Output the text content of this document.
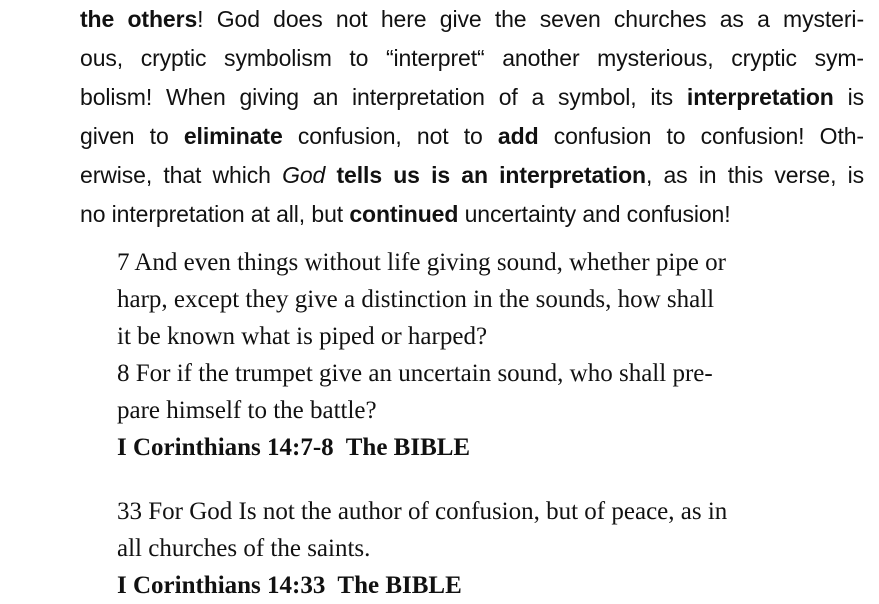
the others! God does not here give the seven churches as a mysteri-
ous, cryptic symbolism to “interpret“ another mysterious, cryptic sym-
bolism! When giving an interpretation of a symbol, its interpretation is
given to eliminate confusion, not to add confusion to confusion! Oth-
erwise, that which God tells us is an interpretation, as in this verse, is
no interpretation at all, but continued uncertainty and confusion!
7 And even things without life giving sound, whether pipe or
harp, except they give a distinction in the sounds, how shall
it be known what is piped or harped?
8 For if the trumpet give an uncertain sound, who shall pre-
pare himself to the battle?
I Corinthians 14:7-8  The BIBLE
33 For God Is not the author of confusion, but of peace, as in
all churches of the saints.
I Corinthians 14:33  The BIBLE
